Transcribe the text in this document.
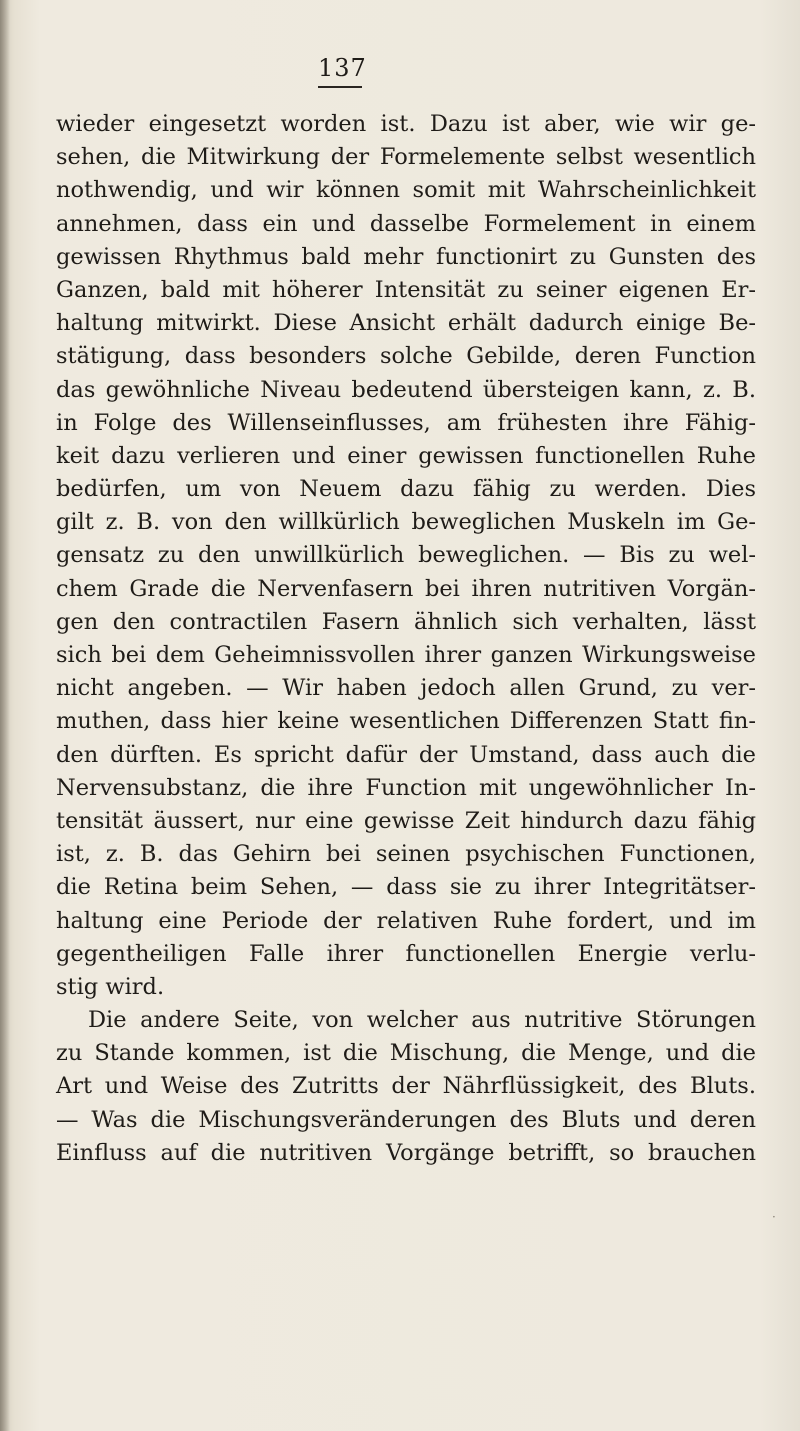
137
wieder eingesetzt worden ist. Dazu ist aber, wie wir ge-
sehen, die Mitwirkung der Formelemente selbst wesentlich
nothwendig, und wir können somit mit Wahrscheinlichkeit
annehmen, dass ein und dasselbe Formelement in einem
gewissen Rhythmus bald mehr functionirt zu Gunsten des
Ganzen, bald mit höherer Intensität zu seiner eigenen Er-
haltung mitwirkt. Diese Ansicht erhält dadurch einige Be-
stätigung, dass besonders solche Gebilde, deren Function
das gewöhnliche Niveau bedeutend übersteigen kann, z. B.
in Folge des Willenseinflusses, am frühesten ihre Fähig-
keit dazu verlieren und einer gewissen functionellen Ruhe
bedürfen, um von Neuem dazu fähig zu werden. Dies
gilt z. B. von den willkürlich beweglichen Muskeln im Ge-
gensatz zu den unwillkürlich beweglichen. — Bis zu wel-
chem Grade die Nervenfasern bei ihren nutritiven Vorgän-
gen den contractilen Fasern ähnlich sich verhalten, lässt
sich bei dem Geheimnissvollen ihrer ganzen Wirkungsweise
nicht angeben. — Wir haben jedoch allen Grund, zu ver-
muthen, dass hier keine wesentlichen Differenzen Statt fin-
den dürften. Es spricht dafür der Umstand, dass auch die
Nervensubstanz, die ihre Function mit ungewöhnlicher In-
tensität äussert, nur eine gewisse Zeit hindurch dazu fähig
ist, z. B. das Gehirn bei seinen psychischen Functionen,
die Retina beim Sehen, — dass sie zu ihrer Integritätser-
haltung eine Periode der relativen Ruhe fordert, und im
gegentheiligen Falle ihrer functionellen Energie verlu-
stig wird.
Die andere Seite, von welcher aus nutritive Störungen
zu Stande kommen, ist die Mischung, die Menge, und die
Art und Weise des Zutritts der Nährflüssigkeit, des Bluts.
— Was die Mischungsveränderungen des Bluts und deren
Einfluss auf die nutritiven Vorgänge betrifft, so brauchen
·
